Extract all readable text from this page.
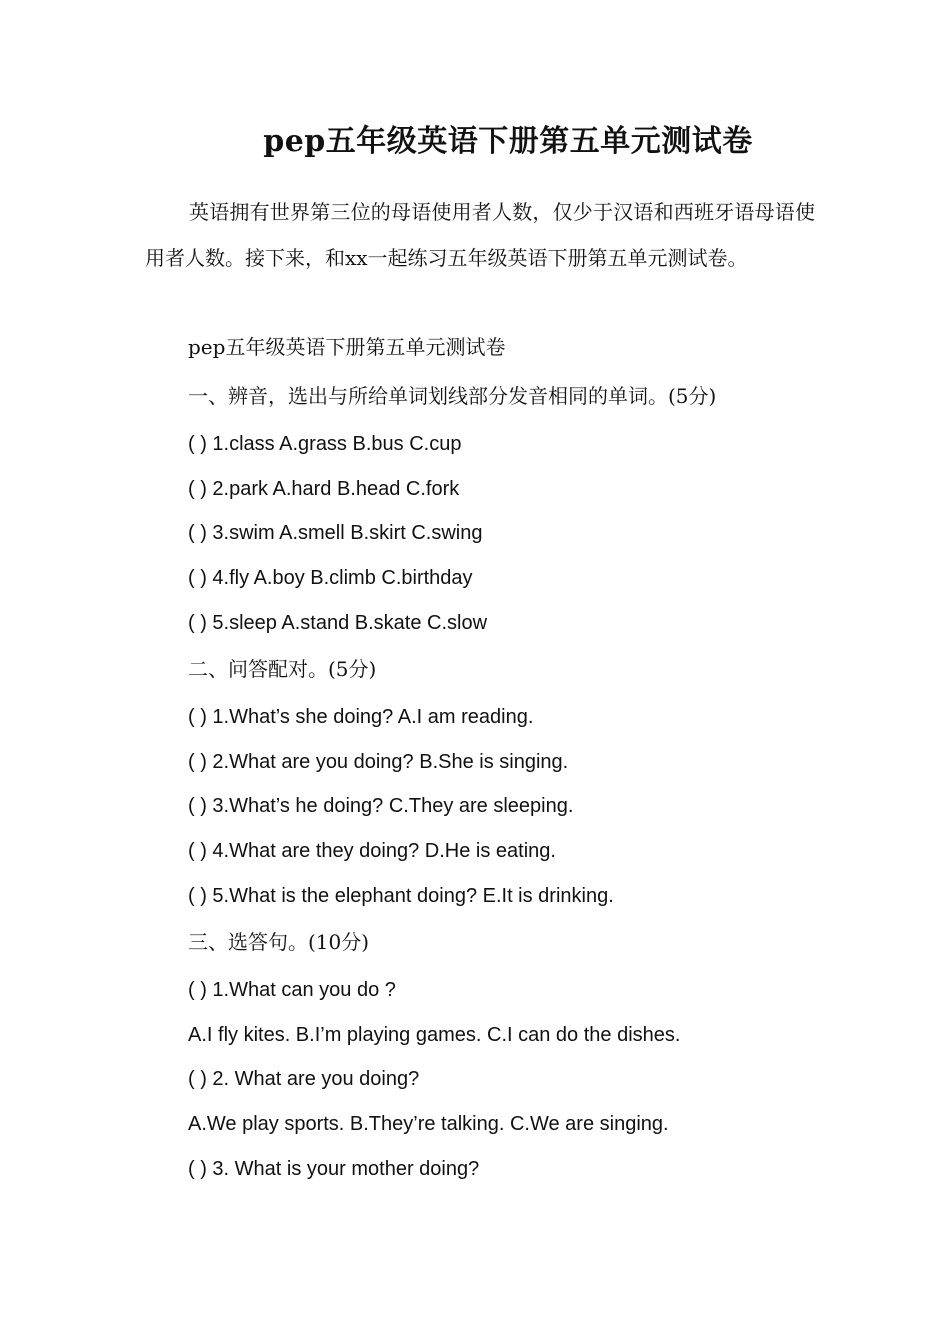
pep五年级英语下册第五单元测试卷

英语拥有世界第三位的母语使用者人数，仅少于汉语和西班牙语母语使用者人数。接下来，和xx一起练习五年级英语下册第五单元测试卷。

pep五年级英语下册第五单元测试卷
一、辨音，选出与所给单词划线部分发音相同的单词。(5分)
( ) 1.class A.grass B.bus C.cup
( ) 2.park A.hard B.head C.fork
( ) 3.swim A.smell B.skirt C.swing
( ) 4.fly A.boy B.climb C.birthday
( ) 5.sleep A.stand B.skate C.slow
二、问答配对。(5分)
( ) 1.What’s she doing? A.I am reading.
( ) 2.What are you doing? B.She is singing.
( ) 3.What’s he doing? C.They are sleeping.
( ) 4.What are they doing? D.He is eating.
( ) 5.What is the elephant doing? E.It is drinking.
三、选答句。(10分)
( ) 1.What can you do ?
A.I fly kites. B.I’m playing games. C.I can do the dishes.
( ) 2. What are you doing?
A.We play sports. B.They’re talking. C.We are singing.
( ) 3. What is your mother doing?
